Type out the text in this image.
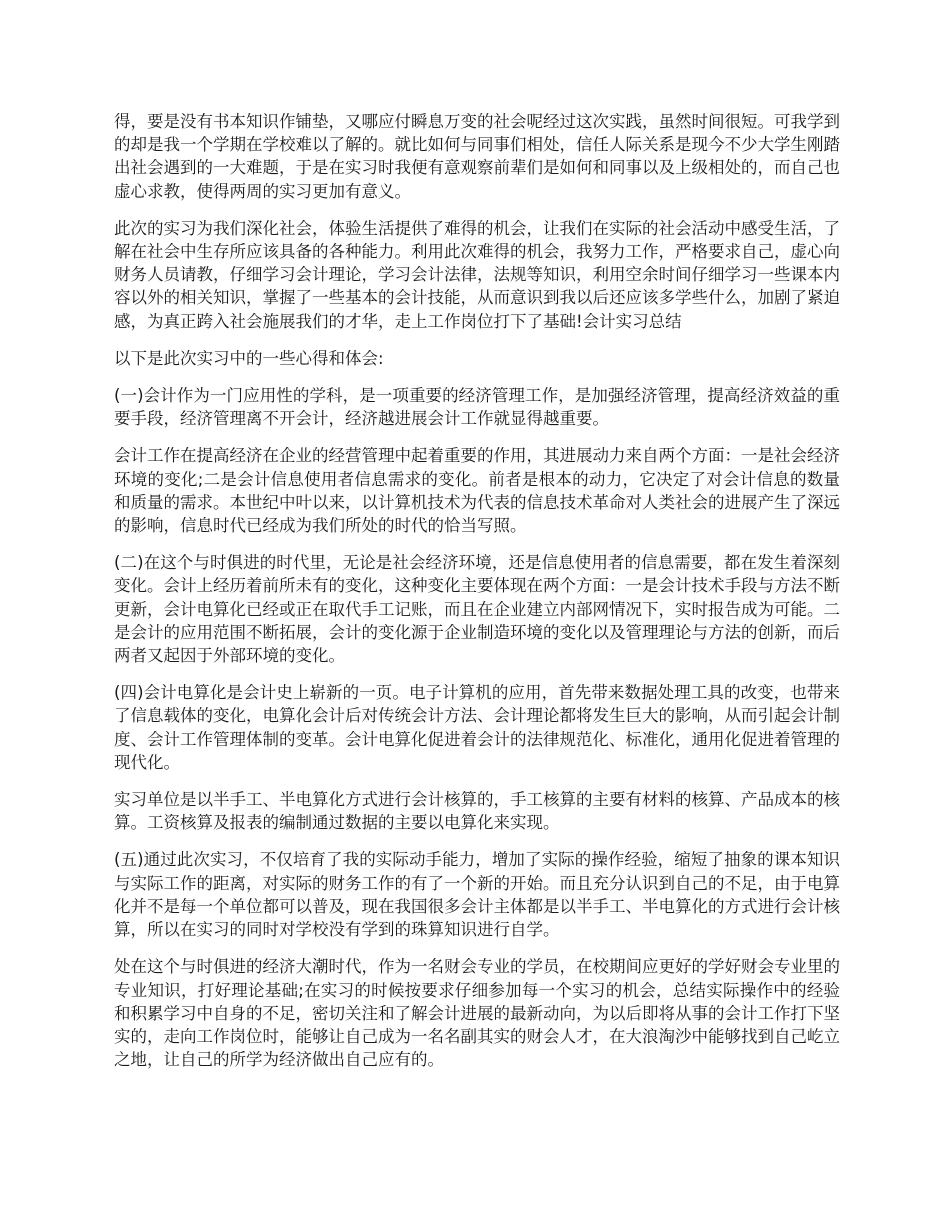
得，要是没有书本知识作铺垫，又哪应付瞬息万变的社会呢经过这次实践，虽然时间很短。可我学到的却是我一个学期在学校难以了解的。就比如何与同事们相处，信任人际关系是现今不少大学生刚踏出社会遇到的一大难题，于是在实习时我便有意观察前辈们是如何和同事以及上级相处的，而自己也虚心求教，使得两周的实习更加有意义。

此次的实习为我们深化社会，体验生活提供了难得的机会，让我们在实际的社会活动中感受生活，了解在社会中生存所应该具备的各种能力。利用此次难得的机会，我努力工作，严格要求自己，虚心向财务人员请教，仔细学习会计理论，学习会计法律，法规等知识，利用空余时间仔细学习一些课本内容以外的相关知识，掌握了一些基本的会计技能，从而意识到我以后还应该多学些什么，加剧了紧迫感，为真正跨入社会施展我们的才华，走上工作岗位打下了基础!会计实习总结

以下是此次实习中的一些心得和体会:

(一)会计作为一门应用性的学科，是一项重要的经济管理工作，是加强经济管理，提高经济效益的重要手段，经济管理离不开会计，经济越进展会计工作就显得越重要。

会计工作在提高经济在企业的经营管理中起着重要的作用，其进展动力来自两个方面：一是社会经济环境的变化;二是会计信息使用者信息需求的变化。前者是根本的动力，它决定了对会计信息的数量和质量的需求。本世纪中叶以来，以计算机技术为代表的信息技术革命对人类社会的进展产生了深远的影响，信息时代已经成为我们所处的时代的恰当写照。

(二)在这个与时俱进的时代里，无论是社会经济环境，还是信息使用者的信息需要，都在发生着深刻变化。会计上经历着前所未有的变化，这种变化主要体现在两个方面：一是会计技术手段与方法不断更新，会计电算化已经或正在取代手工记账，而且在企业建立内部网情况下，实时报告成为可能。二是会计的应用范围不断拓展，会计的变化源于企业制造环境的变化以及管理理论与方法的创新，而后两者又起因于外部环境的变化。

(四)会计电算化是会计史上崭新的一页。电子计算机的应用，首先带来数据处理工具的改变，也带来了信息载体的变化，电算化会计后对传统会计方法、会计理论都将发生巨大的影响，从而引起会计制度、会计工作管理体制的变革。会计电算化促进着会计的法律规范化、标准化，通用化促进着管理的现代化。

实习单位是以半手工、半电算化方式进行会计核算的，手工核算的主要有材料的核算、产品成本的核算。工资核算及报表的编制通过数据的主要以电算化来实现。

(五)通过此次实习，不仅培育了我的实际动手能力，增加了实际的操作经验，缩短了抽象的课本知识与实际工作的距离，对实际的财务工作的有了一个新的开始。而且充分认识到自己的不足，由于电算化并不是每一个单位都可以普及，现在我国很多会计主体都是以半手工、半电算化的方式进行会计核算，所以在实习的同时对学校没有学到的珠算知识进行自学。

处在这个与时俱进的经济大潮时代，作为一名财会专业的学员，在校期间应更好的学好财会专业里的专业知识，打好理论基础;在实习的时候按要求仔细参加每一个实习的机会，总结实际操作中的经验和积累学习中自身的不足，密切关注和了解会计进展的最新动向，为以后即将从事的会计工作打下坚实的，走向工作岗位时，能够让自己成为一名名副其实的财会人才，在大浪淘沙中能够找到自己屹立之地，让自己的所学为经济做出自己应有的。
